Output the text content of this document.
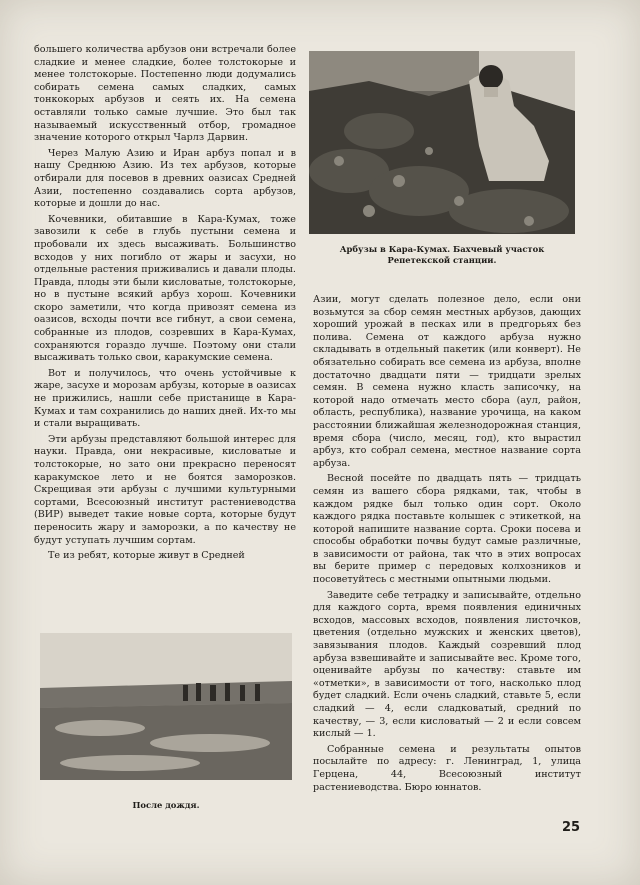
большего количества арбузов они встречали более сладкие и менее сладкие, более толстокорые и менее толстокорые. Постепенно люди додумались собирать семена самых сладких, самых тонкокорых арбузов и сеять их. На семена оставляли только самые лучшие. Это был так называемый искусственный отбор, громадное значение которого открыл Чарлз Дарвин.

Через Малую Азию и Иран арбуз попал и в нашу Среднюю Азию. Из тех арбузов, которые отбирали для посевов в древних оазисах Средней Азии, постепенно создавались сорта арбузов, которые и дошли до нас.

Кочевники, обитавшие в Кара-Кумах, тоже завозили к себе в глубь пустыни семена и пробовали их здесь высаживать. Большинство всходов у них погибло от жары и засухи, но отдельные растения приживались и давали плоды. Правда, плоды эти были кисловатые, толстокорые, но в пустыне всякий арбуз хорош. Кочевники скоро заметили, что когда привозят семена из оазисов, всходы почти все гибнут, а свои семена, собранные из плодов, созревших в Кара-Кумах, сохраняются гораздо лучше. Поэтому они стали высаживать только свои, каракумские семена.

Вот и получилось, что очень устойчивые к жаре, засухе и морозам арбузы, которые в оазисах не прижились, нашли себе пристанище в Кара-Кумах и там сохранились до наших дней. Их-то мы и стали выращивать.

Эти арбузы представляют большой интерес для науки. Правда, они некрасивые, кисловатые и толстокорые, но зато они прекрасно переносят каракумское лето и не боятся заморозков. Скрещивая эти арбузы с лучшими культурными сортами, Всесоюзный институт растениеводства (ВИР) выведет такие новые сорта, которые будут переносить жару и заморозки, а по качеству не будут уступать лучшим сортам.

Те из ребят, которые живут в Средней

Арбузы в Кара-Кумах. Бахчевый участок Репетекской станции.

Азии, могут сделать полезное дело, если они возьмутся за сбор семян местных арбузов, дающих хороший урожай в песках или в предгорьях без полива. Семена от каждого арбуза нужно складывать в отдельный пакетик (или конверт). Не обязательно собирать все семена из арбуза, вполне достаточно двадцати пяти — тридцати зрелых семян. В семена нужно класть записочку, на которой надо отмечать место сбора (аул, район, область, республика), название урочища, на каком расстоянии ближайшая железнодорожная станция, время сбора (число, месяц, год), кто вырастил арбуз, кто собрал семена, местное название сорта арбуза.

Весной посейте по двадцать пять — тридцать семян из вашего сбора рядками, так, чтобы в каждом рядке был только один сорт. Около каждого рядка поставьте колышек с этикеткой, на которой напишите название сорта. Сроки посева и способы обработки почвы будут самые различные, в зависимости от района, так что в этих вопросах вы берите пример с передовых колхозников и посоветуйтесь с местными опытными людьми.

Заведите себе тетрадку и записывайте, отдельно для каждого сорта, время появления единичных всходов, массовых всходов, появления листочков, цветения (отдельно мужских и женских цветов), завязывания плодов. Каждый созревший плод арбуза взвешивайте и записывайте вес. Кроме того, оценивайте арбузы по качеству: ставьте им «отметки», в зависимости от того, насколько плод будет сладкий. Если очень сладкий, ставьте 5, если сладкий — 4, если сладковатый, средний по качеству, — 3, если кисловатый — 2 и если совсем кислый — 1.

Собранные семена и результаты опытов посылайте по адресу: г. Ленинград, 1, улица Герцена, 44, Всесоюзный институт растениеводства. Бюро юннатов.

После дождя.
25
